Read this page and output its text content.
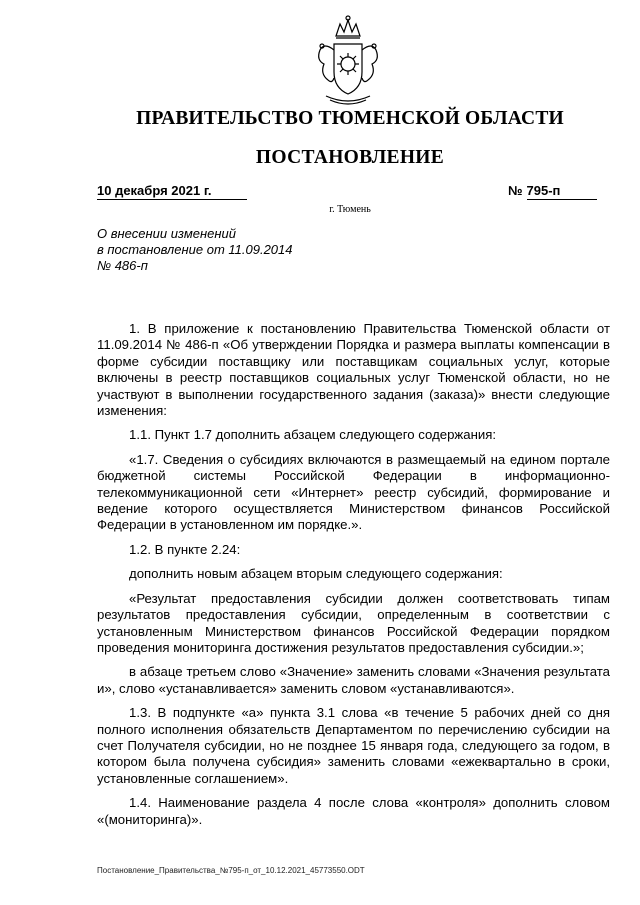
ПРАВИТЕЛЬСТВО ТЮМЕНСКОЙ ОБЛАСТИ
ПОСТАНОВЛЕНИЕ
10 декабря 2021 г.	№ 795-п
г. Тюмень
О внесении изменений
в постановление от 11.09.2014
№ 486-п

1. В приложение к постановлению Правительства Тюменской области от 11.09.2014 № 486-п «Об утверждении Порядка и размера выплаты компенсации в форме субсидии поставщику или поставщикам социальных услуг, которые включены в реестр поставщиков социальных услуг Тюменской области, но не участвуют в выполнении государственного задания (заказа)» внести следующие изменения:

1.1. Пункт 1.7 дополнить абзацем следующего содержания:

«1.7. Сведения о субсидиях включаются в размещаемый на едином портале бюджетной системы Российской Федерации в информационно-телекоммуникационной сети «Интернет» реестр субсидий, формирование и ведение которого осуществляется Министерством финансов Российской Федерации в установленном им порядке.».

1.2. В пункте 2.24:

дополнить новым абзацем вторым следующего содержания:

«Результат предоставления субсидии должен соответствовать типам результатов предоставления субсидии, определенным в соответствии с установленным Министерством финансов Российской Федерации порядком проведения мониторинга достижения результатов предоставления субсидии.»;

в абзаце третьем слово «Значение» заменить словами «Значения результата и», слово «устанавливается» заменить словом «устанавливаются».

1.3. В подпункте «а» пункта 3.1 слова «в течение 5 рабочих дней со дня полного исполнения обязательств Департаментом по перечислению субсидии на счет Получателя субсидии, но не позднее 15 января года, следующего за годом, в котором была получена субсидия» заменить словами «ежеквартально в сроки, установленные соглашением».

1.4. Наименование раздела 4 после слова «контроля» дополнить словом «(мониторинга)».

Постановление_Правительства_№795-п_от_10.12.2021_45773550.ODT
